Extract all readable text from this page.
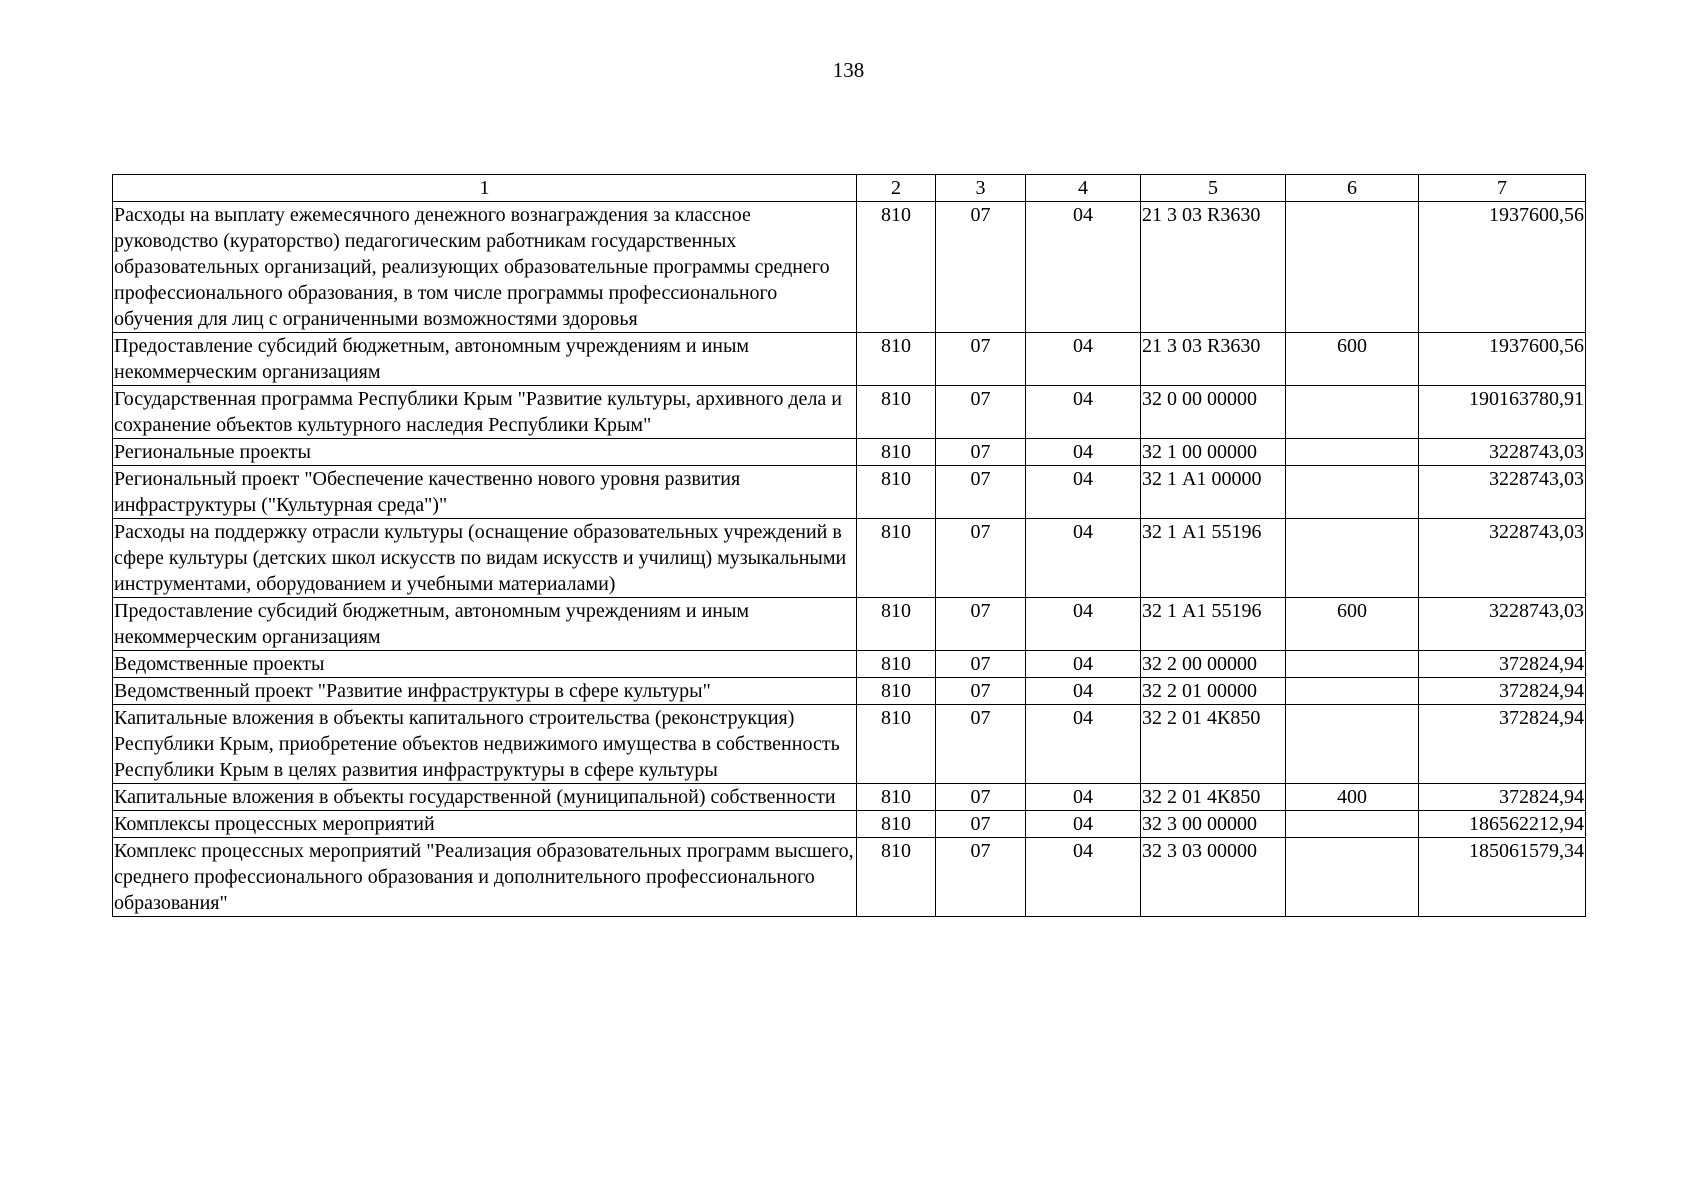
138
1	2	3	4	5	6	7
Расходы на выплату ежемесячного денежного вознаграждения за классное руководство (кураторство) педагогическим работникам государственных образовательных организаций, реализующих образовательные программы среднего профессионального образования, в том числе программы профессионального обучения для лиц с ограниченными возможностями здоровья	810	07	04	21 3 03 R3630		1937600,56
Предоставление субсидий бюджетным, автономным учреждениям и иным некоммерческим организациям	810	07	04	21 3 03 R3630	600	1937600,56
Государственная программа Республики Крым "Развитие культуры, архивного дела и сохранение объектов культурного наследия Республики Крым"	810	07	04	32 0 00 00000		190163780,91
Региональные проекты	810	07	04	32 1 00 00000		3228743,03
Региональный проект "Обеспечение качественно нового уровня развития инфраструктуры ("Культурная среда")"	810	07	04	32 1 А1 00000		3228743,03
Расходы на поддержку отрасли культуры (оснащение образовательных учреждений в сфере культуры (детских школ искусств по видам искусств и училищ) музыкальными инструментами, оборудованием и учебными материалами)	810	07	04	32 1 А1 55196		3228743,03
Предоставление субсидий бюджетным, автономным учреждениям и иным некоммерческим организациям	810	07	04	32 1 А1 55196	600	3228743,03
Ведомственные проекты	810	07	04	32 2 00 00000		372824,94
Ведомственный проект "Развитие инфраструктуры в сфере культуры"	810	07	04	32 2 01 00000		372824,94
Капитальные вложения в объекты капитального строительства (реконструкция) Республики Крым, приобретение объектов недвижимого имущества в собственность Республики Крым в целях развития инфраструктуры в сфере культуры	810	07	04	32 2 01 4К850		372824,94
Капитальные вложения в объекты государственной (муниципальной) собственности	810	07	04	32 2 01 4К850	400	372824,94
Комплексы процессных мероприятий	810	07	04	32 3 00 00000		186562212,94
Комплекс процессных мероприятий "Реализация образовательных программ высшего, среднего профессионального образования и дополнительного профессионального образования"	810	07	04	32 3 03 00000		185061579,34
